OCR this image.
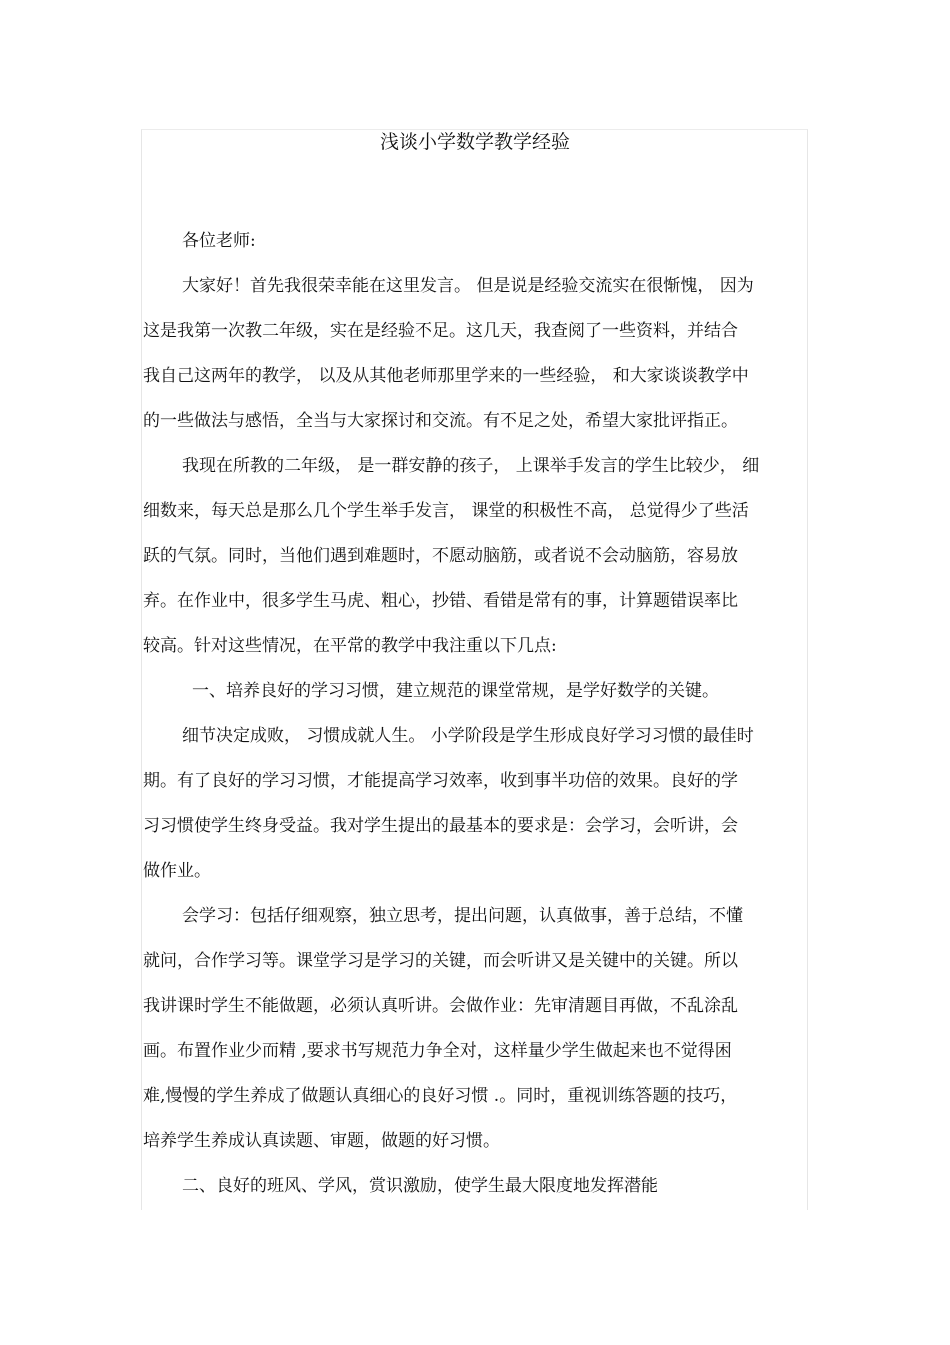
浅谈小学数学教学经验
各位老师:
大家好！首先我很荣幸能在这里发言。 但是说是经验交流实在很惭愧， 因为
这是我第一次教二年级，实在是经验不足。这几天，我查阅了一些资料，并结合
我自己这两年的教学， 以及从其他老师那里学来的一些经验， 和大家谈谈教学中
的一些做法与感悟，全当与大家探讨和交流。有不足之处，希望大家批评指正。
我现在所教的二年级， 是一群安静的孩子， 上课举手发言的学生比较少， 细
细数来，每天总是那么几个学生举手发言， 课堂的积极性不高， 总觉得少了些活
跃的气氛。同时，当他们遇到难题时，不愿动脑筋，或者说不会动脑筋，容易放
弃。在作业中，很多学生马虎、粗心，抄错、看错是常有的事，计算题错误率比
较高。针对这些情况，在平常的教学中我注重以下几点:
一、培养良好的学习习惯，建立规范的课堂常规，是学好数学的关键。
细节决定成败， 习惯成就人生。 小学阶段是学生形成良好学习习惯的最佳时
期。有了良好的学习习惯，才能提高学习效率，收到事半功倍的效果。良好的学
习习惯使学生终身受益。我对学生提出的最基本的要求是：会学习，会听讲，会
做作业。
会学习：包括仔细观察，独立思考，提出问题，认真做事，善于总结，不懂
就问，合作学习等。课堂学习是学习的关键，而会听讲又是关键中的关键。所以
我讲课时学生不能做题，必须认真听讲。会做作业：先审清题目再做，不乱涂乱
画。布置作业少而精 ,要求书写规范力争全对，这样量少学生做起来也不觉得困
难,慢慢的学生养成了做题认真细心的良好习惯 .。同时，重视训练答题的技巧，
培养学生养成认真读题、审题，做题的好习惯。
二、良好的班风、学风，赏识激励，使学生最大限度地发挥潜能
